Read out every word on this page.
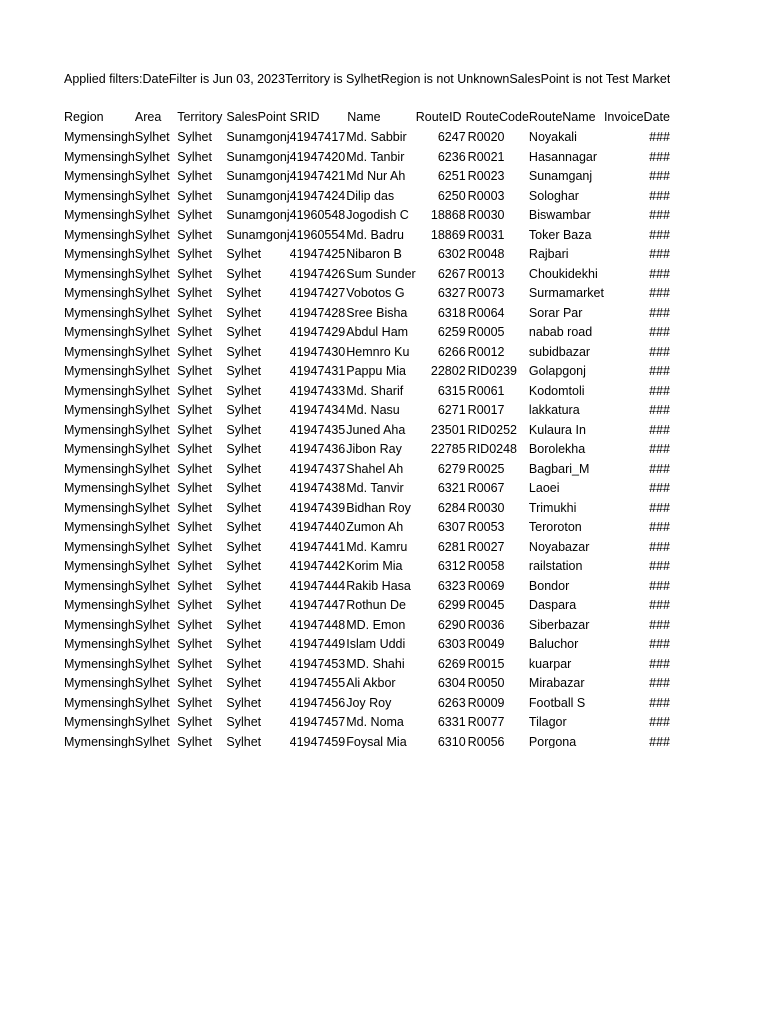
Applied filters:DateFilter is Jun 03, 2023Territory is SylhetRegion is not UnknownSalesPoint is not Test Market
Region	Area	Territory	SalesPoint	SRID	Name	RouteID	RouteCode	RouteName	InvoiceDate
Mymensingh	Sylhet	Sylhet	Sunamgonj	41947417	Md. Sabbir	6247	R0020	Noyakali	###
Mymensingh	Sylhet	Sylhet	Sunamgonj	41947420	Md. Tanbir	6236	R0021	Hasannagar	###
Mymensingh	Sylhet	Sylhet	Sunamgonj	41947421	Md Nur Ah	6251	R0023	Sunamganj	###
Mymensingh	Sylhet	Sylhet	Sunamgonj	41947424	Dilip das	6250	R0003	Sologhar	###
Mymensingh	Sylhet	Sylhet	Sunamgonj	41960548	Jogodish C	18868	R0030	Biswambar	###
Mymensingh	Sylhet	Sylhet	Sunamgonj	41960554	Md. Badru	18869	R0031	Toker Baza	###
Mymensingh	Sylhet	Sylhet	Sylhet	41947425	Nibaron B	6302	R0048	Rajbari	###
Mymensingh	Sylhet	Sylhet	Sylhet	41947426	Sum Sunder	6267	R0013	Choukidekhi	###
Mymensingh	Sylhet	Sylhet	Sylhet	41947427	Vobotos G	6327	R0073	Surmamarket	###
Mymensingh	Sylhet	Sylhet	Sylhet	41947428	Sree Bisha	6318	R0064	Sorar Par	###
Mymensingh	Sylhet	Sylhet	Sylhet	41947429	Abdul Ham	6259	R0005	nabab road	###
Mymensingh	Sylhet	Sylhet	Sylhet	41947430	Hemnro Ku	6266	R0012	subidbazar	###
Mymensingh	Sylhet	Sylhet	Sylhet	41947431	Pappu Mia	22802	RID0239	Golapgonj	###
Mymensingh	Sylhet	Sylhet	Sylhet	41947433	Md. Sharif	6315	R0061	Kodomtoli	###
Mymensingh	Sylhet	Sylhet	Sylhet	41947434	Md. Nasu	6271	R0017	lakkatura	###
Mymensingh	Sylhet	Sylhet	Sylhet	41947435	Juned Aha	23501	RID0252	Kulaura In	###
Mymensingh	Sylhet	Sylhet	Sylhet	41947436	Jibon Ray	22785	RID0248	Borolekha	###
Mymensingh	Sylhet	Sylhet	Sylhet	41947437	Shahel Ah	6279	R0025	Bagbari_M	###
Mymensingh	Sylhet	Sylhet	Sylhet	41947438	Md. Tanvir	6321	R0067	Laoei	###
Mymensingh	Sylhet	Sylhet	Sylhet	41947439	Bidhan Roy	6284	R0030	Trimukhi	###
Mymensingh	Sylhet	Sylhet	Sylhet	41947440	Zumon Ah	6307	R0053	Teroroton	###
Mymensingh	Sylhet	Sylhet	Sylhet	41947441	Md. Kamru	6281	R0027	Noyabazar	###
Mymensingh	Sylhet	Sylhet	Sylhet	41947442	Korim Mia	6312	R0058	railstation	###
Mymensingh	Sylhet	Sylhet	Sylhet	41947444	Rakib Hasa	6323	R0069	Bondor	###
Mymensingh	Sylhet	Sylhet	Sylhet	41947447	Rothun De	6299	R0045	Daspara	###
Mymensingh	Sylhet	Sylhet	Sylhet	41947448	MD. Emon	6290	R0036	Siberbazar	###
Mymensingh	Sylhet	Sylhet	Sylhet	41947449	Islam Uddi	6303	R0049	Baluchor	###
Mymensingh	Sylhet	Sylhet	Sylhet	41947453	MD. Shahi	6269	R0015	kuarpar	###
Mymensingh	Sylhet	Sylhet	Sylhet	41947455	Ali Akbor	6304	R0050	Mirabazar	###
Mymensingh	Sylhet	Sylhet	Sylhet	41947456	Joy Roy	6263	R0009	Football S	###
Mymensingh	Sylhet	Sylhet	Sylhet	41947457	Md. Noma	6331	R0077	Tilagor	###
Mymensingh	Sylhet	Sylhet	Sylhet	41947459	Foysal Mia	6310	R0056	Porgona	###
